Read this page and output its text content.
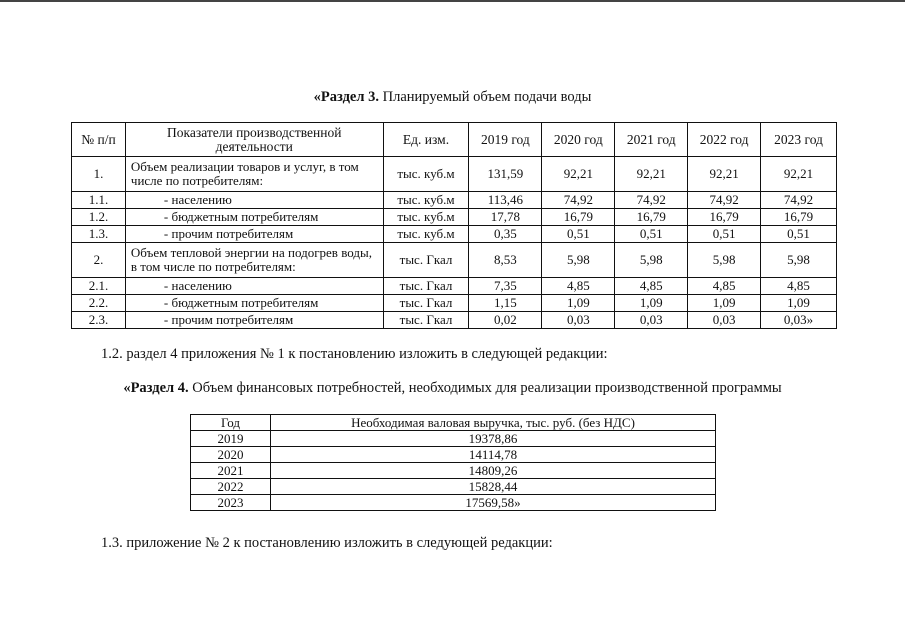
«Раздел 3. Планируемый объем подачи воды
№ п/п	Показатели производственной деятельности	Ед. изм.	2019 год	2020 год	2021 год	2022 год	2023 год
1.	Объем реализации товаров и услуг, в том числе по потребителям:	тыс. куб.м	131,59	92,21	92,21	92,21	92,21
1.1.	- населению	тыс. куб.м	113,46	74,92	74,92	74,92	74,92
1.2.	- бюджетным потребителям	тыс. куб.м	17,78	16,79	16,79	16,79	16,79
1.3.	- прочим потребителям	тыс. куб.м	0,35	0,51	0,51	0,51	0,51
2.	Объем тепловой энергии на подогрев воды, в том числе по потребителям:	тыс. Гкал	8,53	5,98	5,98	5,98	5,98
2.1.	- населению	тыс. Гкал	7,35	4,85	4,85	4,85	4,85
2.2.	- бюджетным потребителям	тыс. Гкал	1,15	1,09	1,09	1,09	1,09
2.3.	- прочим потребителям	тыс. Гкал	0,02	0,03	0,03	0,03	0,03»
1.2. раздел 4 приложения № 1 к постановлению изложить в следующей редакции:
«Раздел 4. Объем финансовых потребностей, необходимых для реализации производственной программы
Год	Необходимая валовая выручка, тыс. руб. (без НДС)
2019	19378,86
2020	14114,78
2021	14809,26
2022	15828,44
2023	17569,58»
1.3. приложение № 2 к постановлению изложить в следующей редакции:
